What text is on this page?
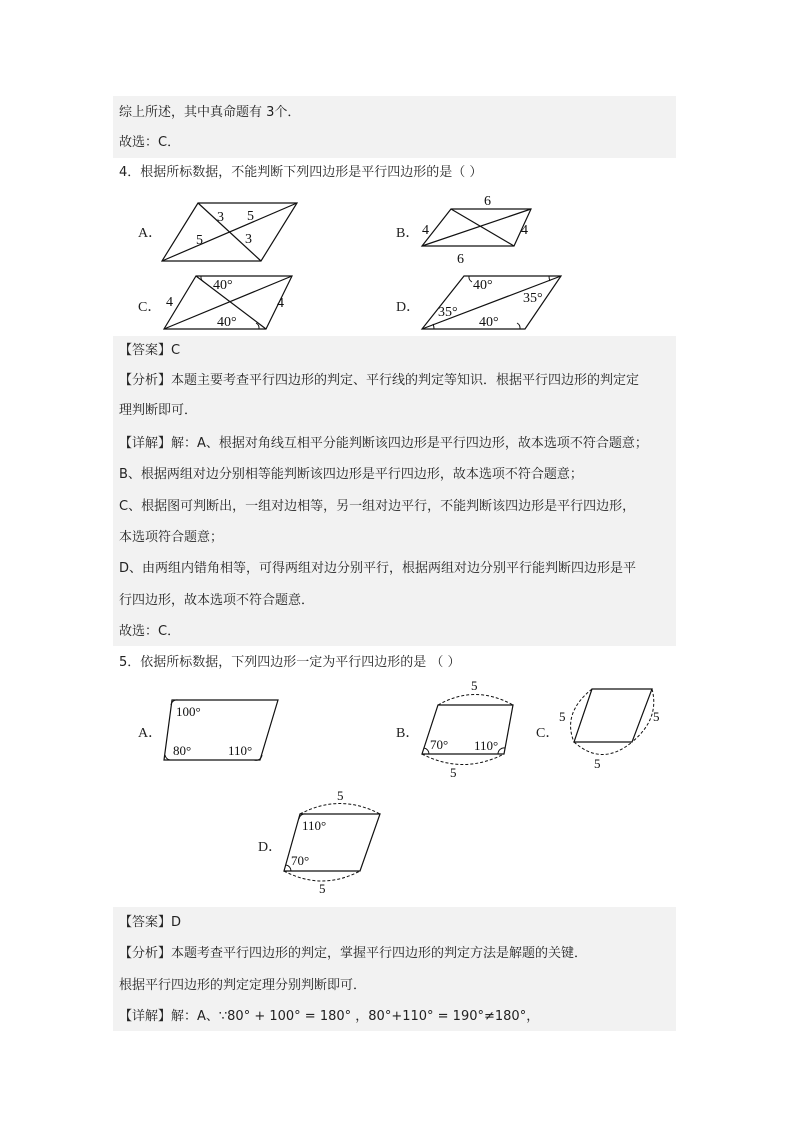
综上所述，其中真命题有 3个．
故选：C．
4．根据所标数据，不能判断下列四边形是平行四边形的是（ ）
A．
3 5
5	3	B．
6
4	4
6
C．
40°
4	4
40°
D．
40°
35°
35°
40°
【答案】C
【分析】本题主要考查平行四边形的判定、平行线的判定等知识．根据平行四边形的判定定
理判断即可．
【详解】解：A、根据对角线互相平分能判断该四边形是平行四边形，故本选项不符合题意；
B、根据两组对边分别相等能判断该四边形是平行四边形，故本选项不符合题意；
C、根据图可判断出，一组对边相等，另一组对边平行，不能判断该四边形是平行四边形，
本选项符合题意；
D、由两组内错角相等，可得两组对边分别平行，根据两组对边分别平行能判断四边形是平
行四边形，故本选项不符合题意．
故选：C．
5．依据所标数据，下列四边形一定为平行四边形的是 （ ）
A．
100°
80°	110°
B．
5
70° 110°
5
C．
5	5
5
D．
5
110°
70°
5
【答案】D
【分析】本题考查平行四边形的判定，掌握平行四边形的判定方法是解题的关键．
根据平行四边形的判定定理分别判断即可．
【详解】解：A、∵80° + 100° = 180° ，80°+110° = 190°≠180°，
